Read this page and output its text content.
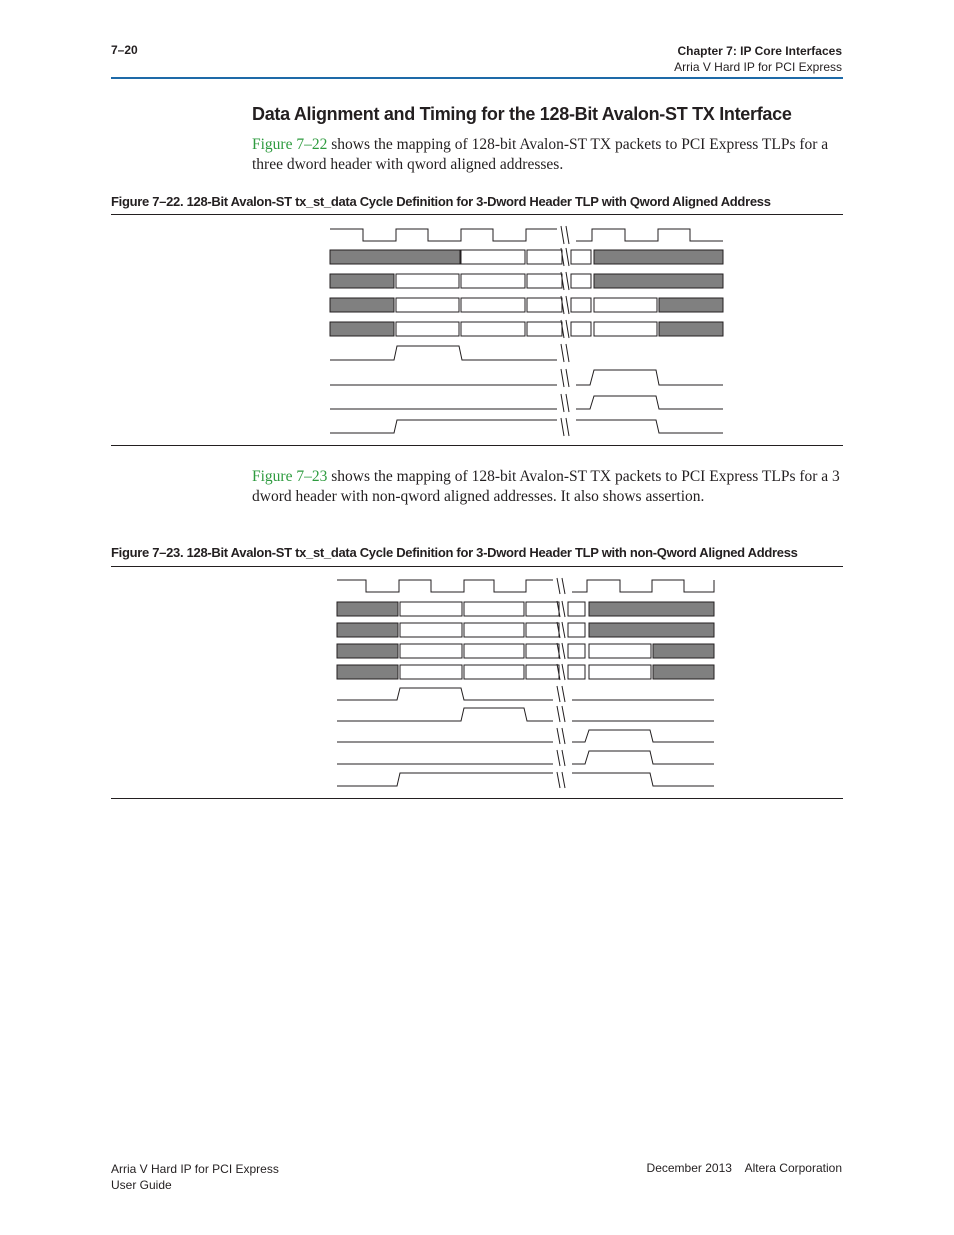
7–20	Chapter 7: IP Core Interfaces
Arria V Hard IP for PCI Express
Data Alignment and Timing for the 128-Bit Avalon-ST TX Interface
Figure 7–22 shows the mapping of 128-bit Avalon-ST TX packets to PCI Express TLPs for a three dword header with qword aligned addresses.
Figure 7–22. 128-Bit Avalon-ST tx_st_data Cycle Definition for 3-Dword Header TLP with Qword Aligned Address
Figure 7–23 shows the mapping of 128-bit Avalon-ST TX packets to PCI Express TLPs for a 3 dword header with non-qword aligned addresses. It also shows assertion.
Figure 7–23. 128-Bit Avalon-ST tx_st_data Cycle Definition for 3-Dword Header TLP with non-Qword Aligned Address
Arria V Hard IP for PCI Express
User Guide
December 2013    Altera Corporation
